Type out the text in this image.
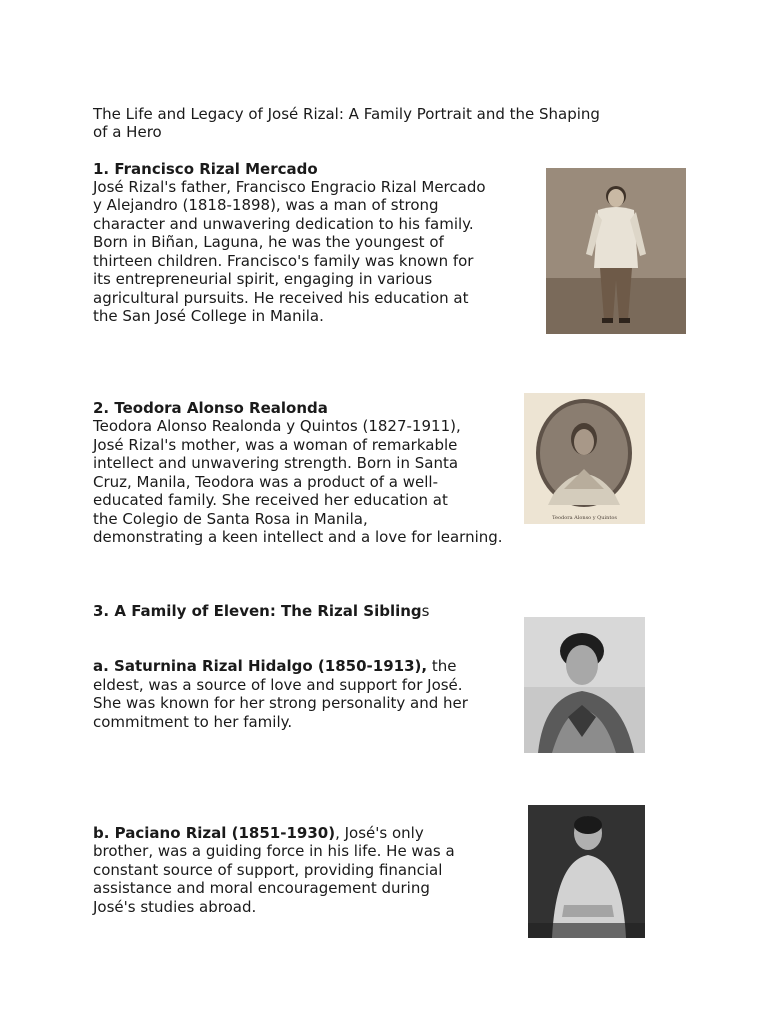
The Life and Legacy of José Rizal: A Family Portrait and the Shaping
of a Hero
1. Francisco Rizal Mercado
José Rizal's father, Francisco Engracio Rizal Mercado
y Alejandro (1818-1898), was a man of strong
character and unwavering dedication to his family.
Born in Biñan, Laguna, he was the youngest of
thirteen children. Francisco's family was known for
its entrepreneurial spirit, engaging in various
agricultural pursuits. He received his education at
the San José College in Manila.
2. Teodora Alonso Realonda
Teodora Alonso Realonda y Quintos (1827-1911),
José Rizal's mother, was a woman of remarkable
intellect and unwavering strength. Born in Santa
Cruz, Manila, Teodora was a product of a well-
educated family. She received her education at
the Colegio de Santa Rosa in Manila,
demonstrating a keen intellect and a love for learning.
Teodora Alonso y Quintos
3. A Family of Eleven: The Rizal Siblings
a. Saturnina Rizal Hidalgo (1850-1913), the
eldest, was a source of love and support for José.
She was known for her strong personality and her
commitment to her family.
b. Paciano Rizal (1851-1930), José's only
brother, was a guiding force in his life. He was a
constant source of support, providing financial
assistance and moral encouragement during
José's studies abroad.
